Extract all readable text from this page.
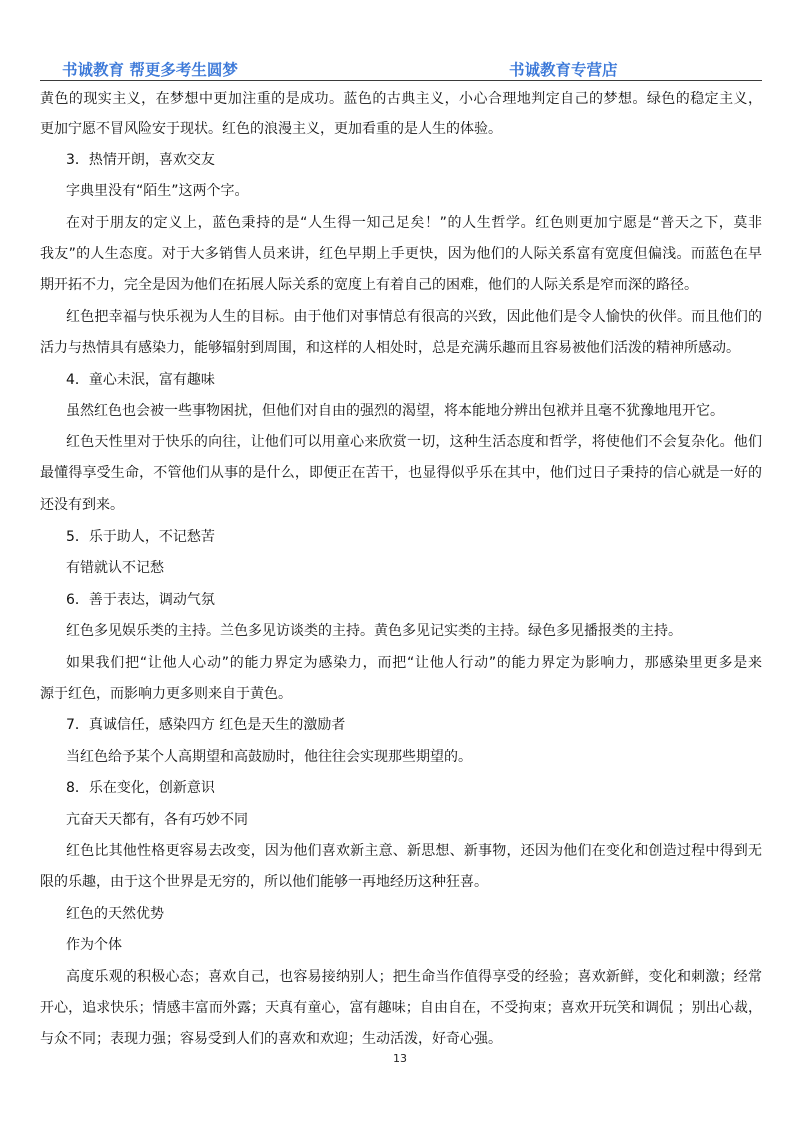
书诚教育 帮更多考生圆梦	书诚教育专营店
黄色的现实主义，在梦想中更加注重的是成功。蓝色的古典主义，小心合理地判定自己的梦想。绿色的稳定主义，
更加宁愿不冒风险安于现状。红色的浪漫主义，更加看重的是人生的体验。
3．热情开朗，喜欢交友
字典里没有“陌生”这两个字。
在对于朋友的定义上，蓝色秉持的是“人生得一知己足矣！”的人生哲学。红色则更加宁愿是“普天之下，莫非
我友”的人生态度。对于大多销售人员来讲，红色早期上手更快，因为他们的人际关系富有宽度但偏浅。而蓝色在早
期开拓不力，完全是因为他们在拓展人际关系的宽度上有着自己的困难，他们的人际关系是窄而深的路径。
红色把幸福与快乐视为人生的目标。由于他们对事情总有很高的兴致，因此他们是令人愉快的伙伴。而且他们的
活力与热情具有感染力，能够辐射到周围，和这样的人相处时，总是充满乐趣而且容易被他们活泼的精神所感动。
4．童心未泯，富有趣味
虽然红色也会被一些事物困扰，但他们对自由的强烈的渴望，将本能地分辨出包袱并且毫不犹豫地甩开它。
红色天性里对于快乐的向往，让他们可以用童心来欣赏一切，这种生活态度和哲学，将使他们不会复杂化。他们
最懂得享受生命，不管他们从事的是什么，即便正在苦干，也显得似乎乐在其中，他们过日子秉持的信心就是一好的
还没有到来。
5．乐于助人，不记愁苦
有错就认不记愁
6．善于表达，调动气氛
红色多见娱乐类的主持。兰色多见访谈类的主持。黄色多见记实类的主持。绿色多见播报类的主持。
如果我们把“让他人心动”的能力界定为感染力，而把“让他人行动”的能力界定为影响力，那感染里更多是来
源于红色，而影响力更多则来自于黄色。
7．真诚信任，感染四方 红色是天生的激励者
当红色给予某个人高期望和高鼓励时，他往往会实现那些期望的。
8．乐在变化，创新意识
亢奋天天都有，各有巧妙不同
红色比其他性格更容易去改变，因为他们喜欢新主意、新思想、新事物，还因为他们在变化和创造过程中得到无
限的乐趣，由于这个世界是无穷的，所以他们能够一再地经历这种狂喜。
红色的天然优势
作为个体
高度乐观的积极心态；喜欢自己，也容易接纳别人；把生命当作值得享受的经验；喜欢新鲜，变化和刺激；经常
开心，追求快乐；情感丰富而外露；天真有童心，富有趣味；自由自在，不受拘束；喜欢开玩笑和调侃 ；别出心裁，
与众不同；表现力强；容易受到人们的喜欢和欢迎；生动活泼，好奇心强。
13
